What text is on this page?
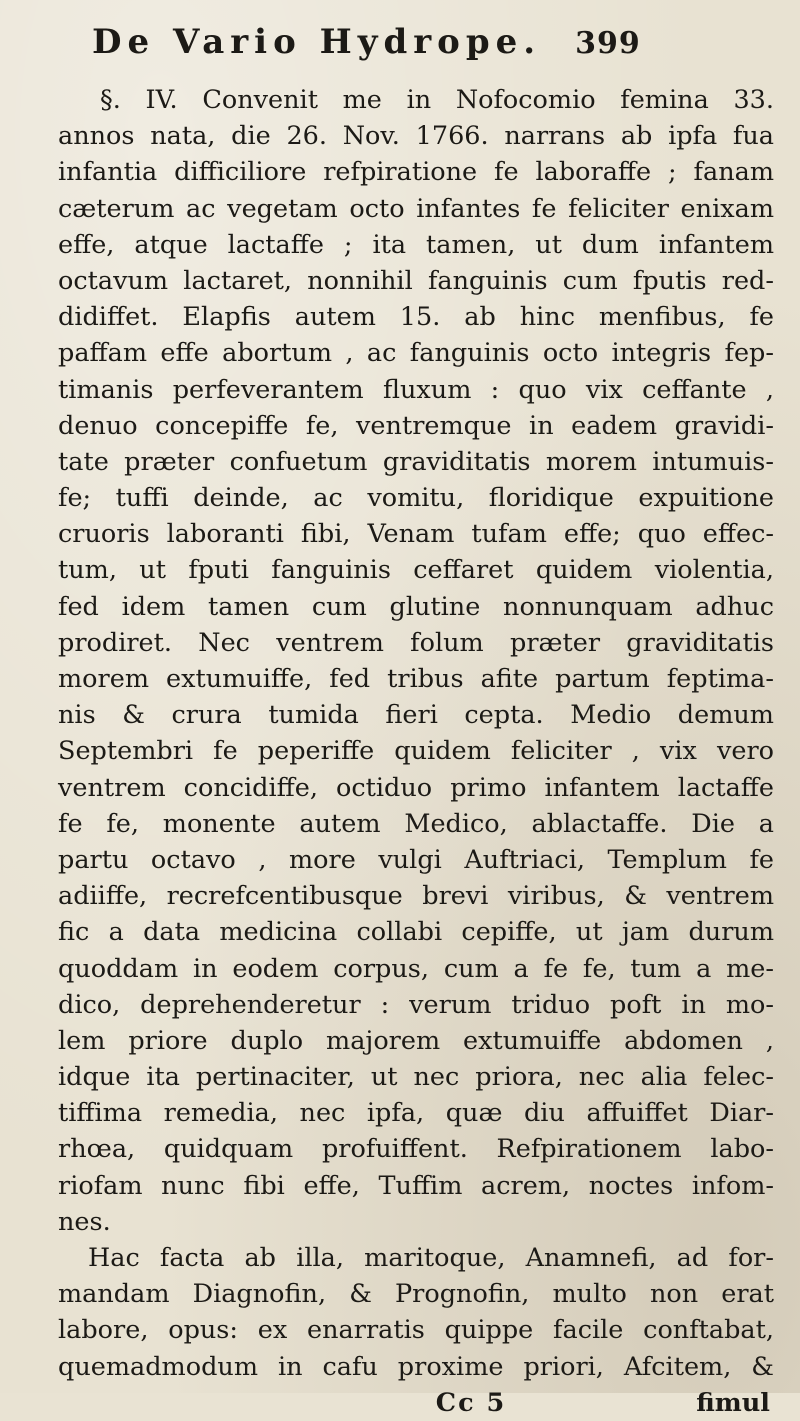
De Vario Hydrope. 399
§. IV. Convenit me in Nofocomio femina 33.
annos nata, die 26. Nov. 1766. narrans ab ipfa fua
infantia difficiliore refpiratione fe laboraffe ; fanam
cæterum ac vegetam octo infantes fe feliciter enixam
effe, atque lactaffe ; ita tamen, ut dum infantem
octavum lactaret, nonnihil fanguinis cum fputis red-
didiffet. Elapfis autem 15. ab hinc menfibus, fe
paffam effe abortum , ac fanguinis octo integris fep-
timanis perfeverantem fluxum : quo vix ceffante ,
denuo concepiffe fe, ventremque in eadem gravidi-
tate præter confuetum graviditatis morem intumuis-
fe; tuffi deinde, ac vomitu, floridique expuitione
cruoris laboranti fibi, Venam tufam effe; quo effec-
tum, ut fputi fanguinis ceffaret quidem violentia,
fed idem tamen cum glutine nonnunquam adhuc
prodiret. Nec ventrem folum præter graviditatis
morem extumuiffe, fed tribus afite partum feptima-
nis & crura tumida fieri cepta. Medio demum
Septembri fe peperiffe quidem feliciter , vix vero
ventrem concidiffe, octiduo primo infantem lactaffe
fe fe, monente autem Medico, ablactaffe. Die a
partu octavo , more vulgi Auftriaci, Templum fe
adiiffe, recrefcentibusque brevi viribus, & ventrem
fic a data medicina collabi cepiffe, ut jam durum
quoddam in eodem corpus, cum a fe fe, tum a me-
dico, deprehenderetur : verum triduo poft in mo-
lem priore duplo majorem extumuiffe abdomen ,
idque ita pertinaciter, ut nec priora, nec alia felec-
tiffima remedia, nec ipfa, quæ diu affuiffet Diar-
rhœa, quidquam profuiffent. Refpirationem labo-
riofam nunc fibi effe, Tuffim acrem, noctes infom-
nes.
Hac facta ab illa, maritoque, Anamnefi, ad for-
mandam Diagnofin, & Prognofin, multo non erat
labore, opus: ex enarratis quippe facile conftabat,
quemadmodum in cafu proxime priori, Afcitem, &
Cc 5	fimul
